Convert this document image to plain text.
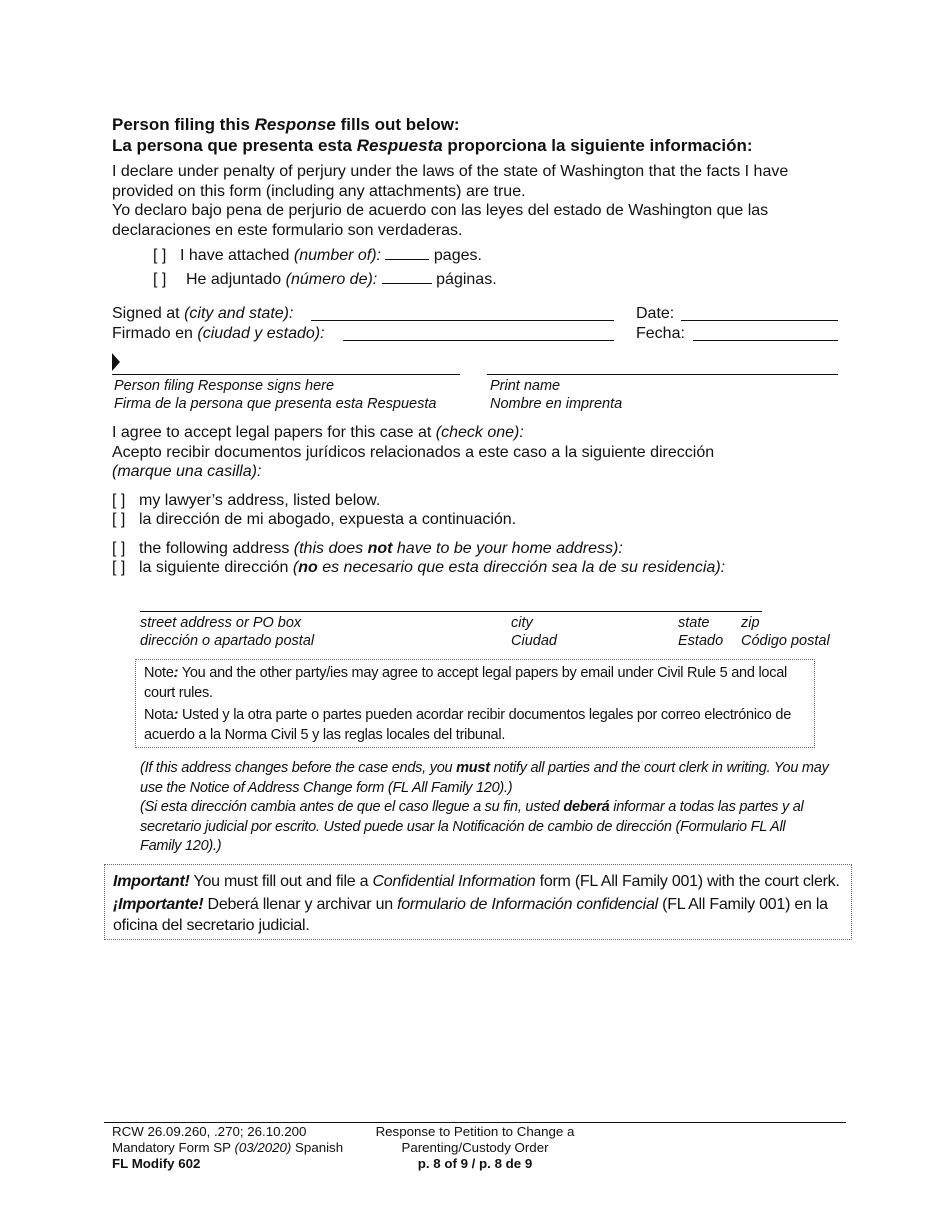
Person filing this Response fills out below:
La persona que presenta esta Respuesta proporciona la siguiente información:
I declare under penalty of perjury under the laws of the state of Washington that the facts I have provided on this form (including any attachments) are true.
Yo declaro bajo pena de perjurio de acuerdo con las leyes del estado de Washington que las declaraciones en este formulario son verdaderas.
[ ] I have attached (number of):	pages.
[ ] He adjuntado (número de):	páginas.
Signed at (city and state):
Firmado en (ciudad y estado):
Date:
Fecha:
Person filing Response signs here
Firma de la persona que presenta esta Respuesta
Print name
Nombre en imprenta
I agree to accept legal papers for this case at (check one):
Acepto recibir documentos jurídicos relacionados a este caso a la siguiente dirección
(marque una casilla):
[ ] my lawyer’s address, listed below.
[ ] la dirección de mi abogado, expuesta a continuación.
[ ] the following address (this does not have to be your home address):
[ ] la siguiente dirección (no es necesario que esta dirección sea la de su residencia):
street address or PO box
dirección o apartado postal
city
Ciudad
state
Estado
zip
Código postal
Note: You and the other party/ies may agree to accept legal papers by email under Civil Rule 5 and local court rules.
Nota: Usted y la otra parte o partes pueden acordar recibir documentos legales por correo electrónico de acuerdo a la Norma Civil 5 y las reglas locales del tribunal.
(If this address changes before the case ends, you must notify all parties and the court clerk in writing. You may use the Notice of Address Change form (FL All Family 120).)
(Si esta dirección cambia antes de que el caso llegue a su fin, usted deberá informar a todas las partes y al secretario judicial por escrito. Usted puede usar la Notificación de cambio de dirección (Formulario FL All Family 120).)
Important! You must fill out and file a Confidential Information form (FL All Family 001) with the court clerk.
¡Importante! Deberá llenar y archivar un formulario de Información confidencial (FL All Family 001) en la oficina del secretario judicial.
RCW 26.09.260, .270; 26.10.200
Mandatory Form SP (03/2020) Spanish
FL Modify 602
Response to Petition to Change a
Parenting/Custody Order
p. 8 of 9 / p. 8 de 9
